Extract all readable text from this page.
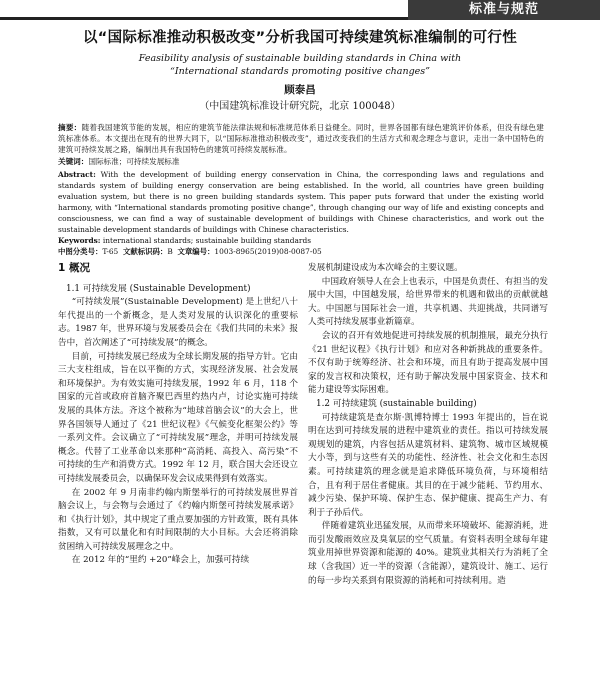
标准与规范
以“国际标准推动积极改变”分析我国可持续建筑标准编制的可行性
Feasibility analysis of sustainable building standards in China with “International standards promoting positive changes”
顾泰昌
（中国建筑标准设计研究院，北京 100048）

摘要：随着我国建筑节能的发展，相应的建筑节能法律法规和标准规范体系日益健全。同时，世界各国都有绿色建筑评价体系，但没有绿色建筑标准体系。本文提出在现有的世界大同下，以“国际标准推动积极改变”，通过改变我们的生活方式和观念理念与意识，走出一条中国特色的建筑可持续发展之路，编制出具有我国特色的建筑可持续发展标准。

关键词：国际标准；可持续发展标准

Abstract: With the development of building energy conservation in China, the corresponding laws and regulations and standards system of building energy conservation are being established. In the world, all countries have green building evaluation system, but there is no green building standards system. This paper puts forward that under the existing world harmony, with “International standards promoting positive change”, through changing our way of life and existing concepts and consciousness, we can find a way of sustainable development of buildings with Chinese characteristics, and work out the sustainable development standards of buildings with Chinese characteristics.

Keywords: international standards; sustainable building standards

中图分类号：T-65 文献标识码：B 文章编号：1003-8965(2019)08-0087-05

1 概况

1.1 可持续发展 (Sustainable Development)

“可持续发展”(Sustainable Development) 是上世纪八十年代提出的一个新概念，是人类对发展的认识深化的重要标志。1987 年，世界环境与发展委员会在《我们共同的未来》报告中，首次阐述了“可持续发展”的概念。

目前，可持续发展已经成为全球长期发展的指导方针。它由三大支柱组成，旨在以平衡的方式，实现经济发展、社会发展和环境保护。为有效实施可持续发展，1992 年 6 月，118 个国家的元首或政府首脑齐聚巴西里约热内卢，讨论实施可持续发展的具体方法。齐这个被称为“地球首脑会议”的大会上，世界各国领导人通过了《21 世纪议程》《气候变化框架公约》等一系列文件。会议确立了“可持续发展”理念，并明可持续发展概念。代替了工业革命以来那种“高消耗、高投入、高污染”不可持续的生产和消费方式。1992 年 12 月，联合国大会还设立可持续发展委员会，以确保环发会议成果得到有效落实。

在 2002 年 9 月南非约翰内斯堡举行的可持续发展世界首脑会议上，与会物与会通过了《约翰内斯堡可持续发展承诺》和《执行计划》，其中规定了重点要加强的方针政策，既有具体指数，又有可以量化和有时间限制的大小目标。大会还将消除贫困纳入可持续发展理念之中。

在 2012 年的“里约 +20”峰会上，加强可持续

发展机制建设成为本次峰会的主要议题。

中国政府领导人在会上也表示，中国是负责任、有担当的发展中大国，中国越发展，给世界带来的机遇和做出的贡献就越大。中国愿与国际社会一道，共享机遇、共迎挑战，共同谱写人类可持续发展事业新篇章。

会议的召开有效地促进可持续发展的机制推展，最充分执行《21 世纪议程》《执行计划》和应对各种新挑战的重要条件。不仅有助于统筹经济、社会和环境，而且有助于提高发展中国家的发言权和决策权，还有助于解决发展中国家资金、技术和能力建设等实际困难。

1.2 可持续建筑 (sustainable building)

可持续建筑是查尔斯·凯博特博士 1993 年提出的，旨在说明在达到可持续发展的进程中建筑业的责任。指以可持续发展观规划的建筑，内容包括从建筑材料、建筑物、城市区域规模大小等，到与这些有关的功能性、经济性、社会文化和生态因素。可持续建筑的理念就是追求降低环境负荷，与环境相结合，且有利于居住者健康。其目的在于减少能耗、节约用水、减少污染、保护环境、保护生态、保护健康、提高生产力、有利于子孙后代。

伴随着建筑业迅猛发展，从而带来环境破坏、能源消耗，进而引发酸雨效应及臭氧层的空气质量。有资料表明全球每年建筑业用掉世界资源和能源的 40%。建筑业其相关行为消耗了全球（含我国）近一半的资源（含能源），建筑设计、施工、运行的每一步均关系到有限资源的消耗和可持续利用。造
